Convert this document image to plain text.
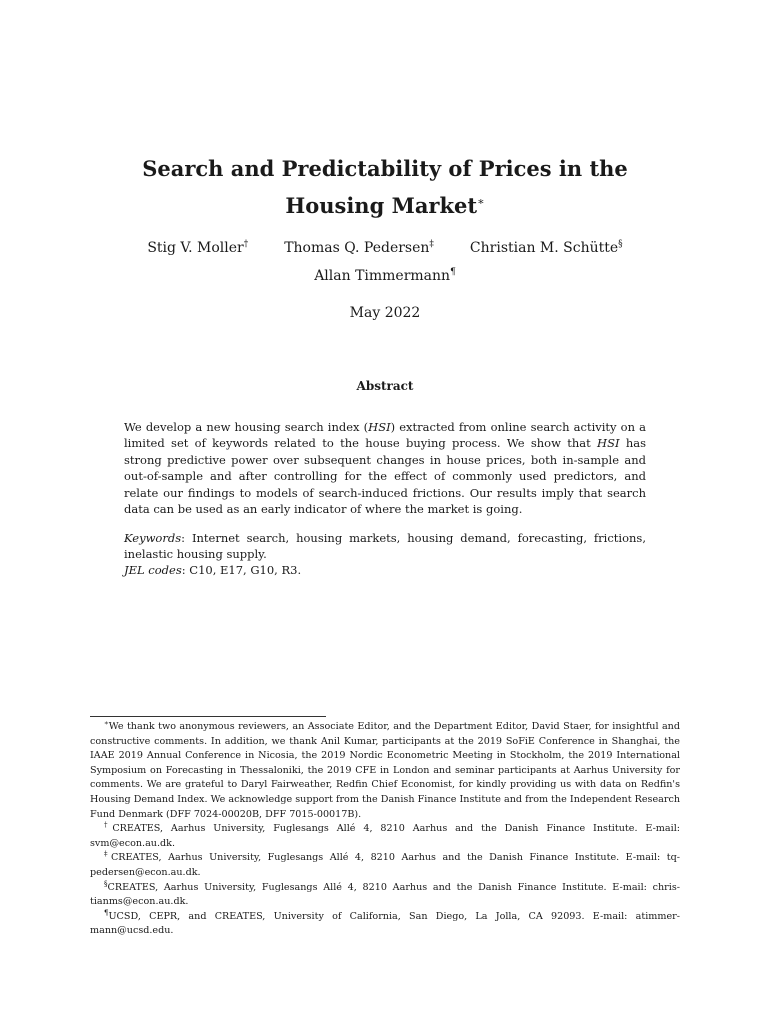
Search and Predictability of Prices in the Housing Market∗
Stig V. Moller†	Thomas Q. Pedersen‡	Christian M. Schütte§
Allan Timmermann¶
May 2022
Abstract
We develop a new housing search index (HSI) extracted from online search activity on a limited set of keywords related to the house buying process. We show that HSI has strong predictive power over subsequent changes in house prices, both in-sample and out-of-sample and after controlling for the effect of commonly used predictors, and relate our findings to models of search-induced frictions. Our results imply that search data can be used as an early indicator of where the market is going.
Keywords: Internet search, housing markets, housing demand, forecasting, frictions, inelastic housing supply.
JEL codes: C10, E17, G10, R3.

∗We thank two anonymous reviewers, an Associate Editor, and the Department Editor, David Staer, for insightful and constructive comments. In addition, we thank Anil Kumar, participants at the 2019 SoFiE Conference in Shanghai, the IAAE 2019 Annual Conference in Nicosia, the 2019 Nordic Econometric Meeting in Stockholm, the 2019 International Symposium on Forecasting in Thessaloniki, the 2019 CFE in London and seminar participants at Aarhus University for comments. We are grateful to Daryl Fairweather, Redfin Chief Economist, for kindly providing us with data on Redfin's Housing Demand Index. We acknowledge support from the Danish Finance Institute and from the Independent Research Fund Denmark (DFF 7024-00020B, DFF 7015-00017B).

†CREATES, Aarhus University, Fuglesangs Allé 4, 8210 Aarhus and the Danish Finance Institute. E-mail: svm@econ.au.dk.

‡CREATES, Aarhus University, Fuglesangs Allé 4, 8210 Aarhus and the Danish Finance Institute. E-mail: tq-pedersen@econ.au.dk.

§CREATES, Aarhus University, Fuglesangs Allé 4, 8210 Aarhus and the Danish Finance Institute. E-mail: chris-tianms@econ.au.dk.

¶UCSD, CEPR, and CREATES, University of California, San Diego, La Jolla, CA 92093. E-mail: atimmer-mann@ucsd.edu.
